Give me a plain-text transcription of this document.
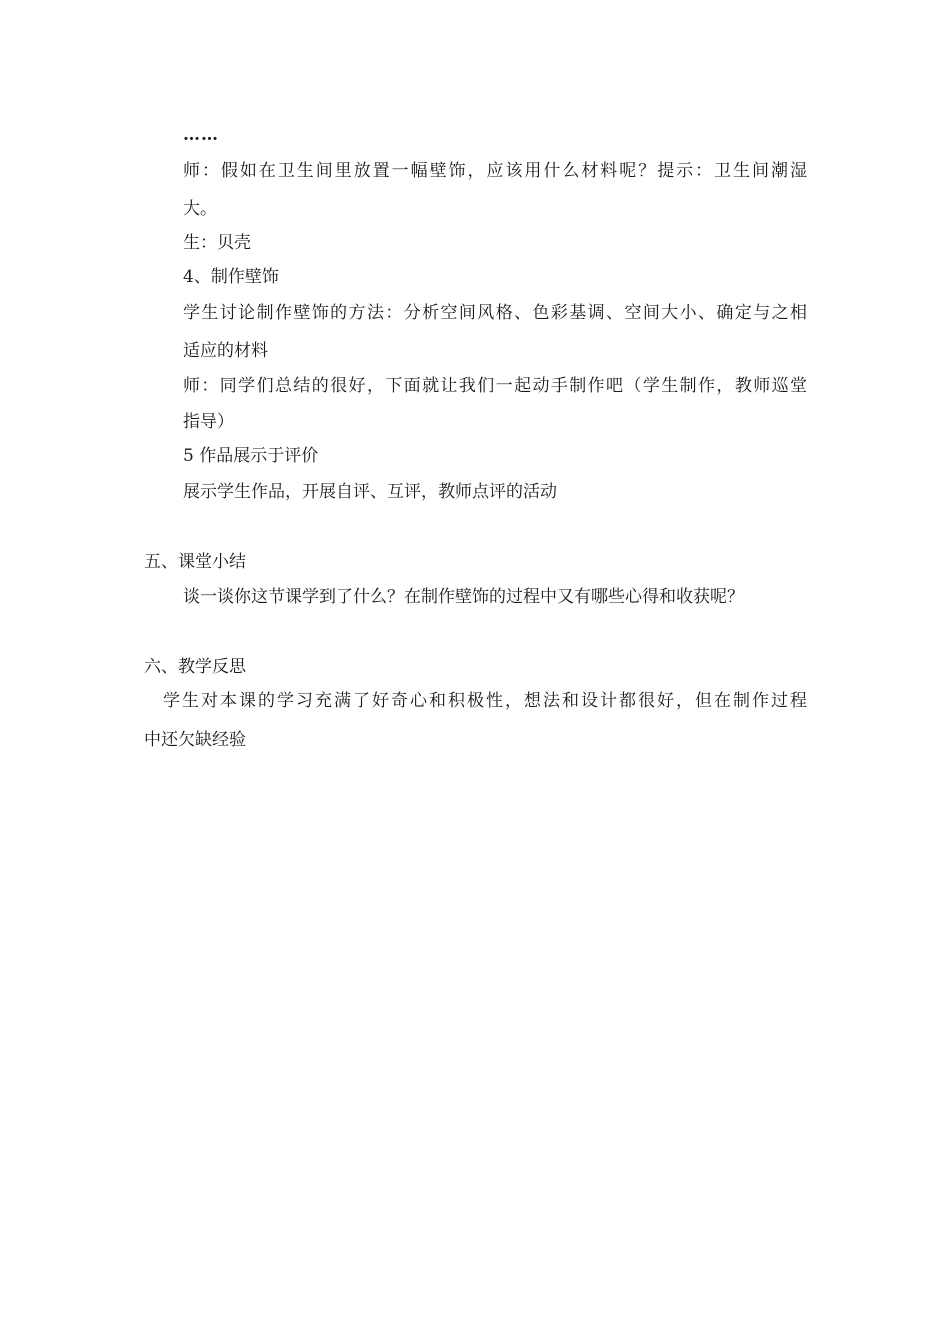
……
师：假如在卫生间里放置一幅壁饰，应该用什么材料呢？提示：卫生间潮湿
大。
生：贝壳
4、制作壁饰
学生讨论制作壁饰的方法：分析空间风格、色彩基调、空间大小、确定与之相
适应的材料
师：同学们总结的很好，下面就让我们一起动手制作吧（学生制作，教师巡堂
指导）
5 作品展示于评价
展示学生作品，开展自评、互评，教师点评的活动
五、课堂小结
谈一谈你这节课学到了什么？在制作壁饰的过程中又有哪些心得和收获呢？
六、教学反思
学生对本课的学习充满了好奇心和积极性，想法和设计都很好，但在制作过程
中还欠缺经验
